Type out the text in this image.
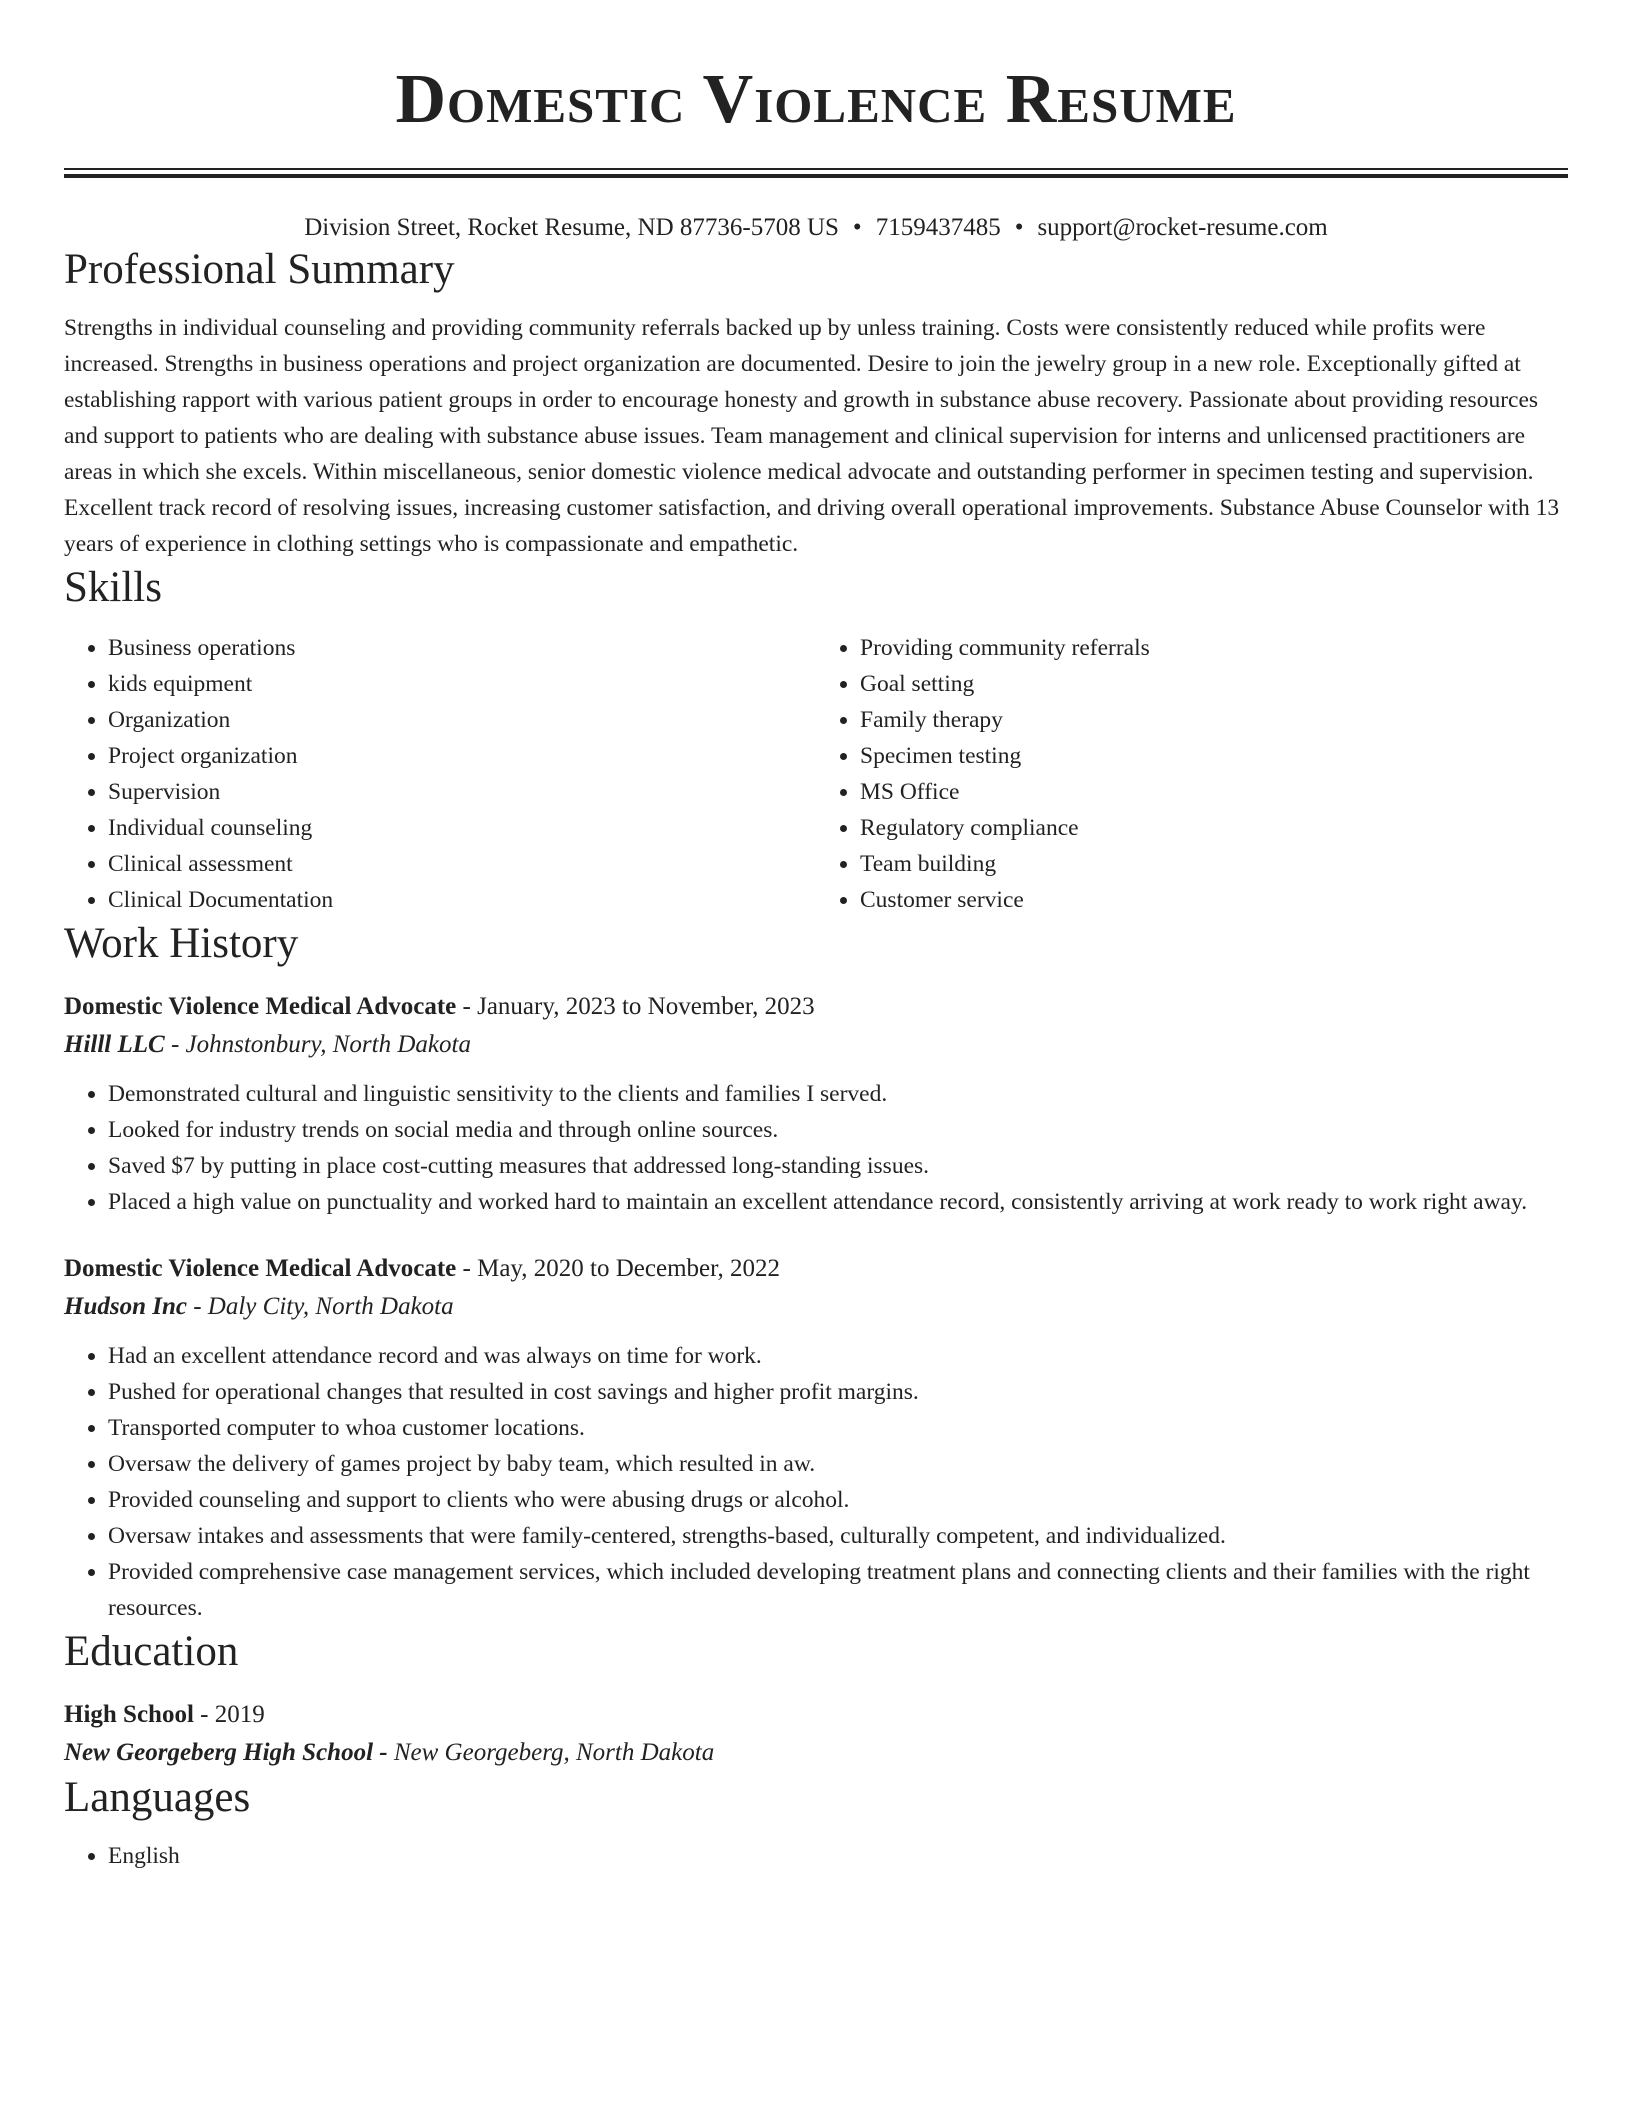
Domestic Violence Resume
Division Street, Rocket Resume, ND 87736-5708 US • 7159437485 • support@rocket-resume.com
Professional Summary
Strengths in individual counseling and providing community referrals backed up by unless training. Costs were consistently reduced while profits were increased. Strengths in business operations and project organization are documented. Desire to join the jewelry group in a new role. Exceptionally gifted at establishing rapport with various patient groups in order to encourage honesty and growth in substance abuse recovery. Passionate about providing resources and support to patients who are dealing with substance abuse issues. Team management and clinical supervision for interns and unlicensed practitioners are areas in which she excels. Within miscellaneous, senior domestic violence medical advocate and outstanding performer in specimen testing and supervision. Excellent track record of resolving issues, increasing customer satisfaction, and driving overall operational improvements. Substance Abuse Counselor with 13 years of experience in clothing settings who is compassionate and empathetic.
Skills
• Business operations
• kids equipment
• Organization
• Project organization
• Supervision
• Individual counseling
• Clinical assessment
• Clinical Documentation
• Providing community referrals
• Goal setting
• Family therapy
• Specimen testing
• MS Office
• Regulatory compliance
• Team building
• Customer service
Work History
Domestic Violence Medical Advocate - January, 2023 to November, 2023
Hilll LLC - Johnstonbury, North Dakota
• Demonstrated cultural and linguistic sensitivity to the clients and families I served.
• Looked for industry trends on social media and through online sources.
• Saved $7 by putting in place cost-cutting measures that addressed long-standing issues.
• Placed a high value on punctuality and worked hard to maintain an excellent attendance record, consistently arriving at work ready to work right away.
Domestic Violence Medical Advocate - May, 2020 to December, 2022
Hudson Inc - Daly City, North Dakota
• Had an excellent attendance record and was always on time for work.
• Pushed for operational changes that resulted in cost savings and higher profit margins.
• Transported computer to whoa customer locations.
• Oversaw the delivery of games project by baby team, which resulted in aw.
• Provided counseling and support to clients who were abusing drugs or alcohol.
• Oversaw intakes and assessments that were family-centered, strengths-based, culturally competent, and individualized.
• Provided comprehensive case management services, which included developing treatment plans and connecting clients and their families with the right resources.
Education
High School - 2019
New Georgeberg High School - New Georgeberg, North Dakota
Languages
• English
